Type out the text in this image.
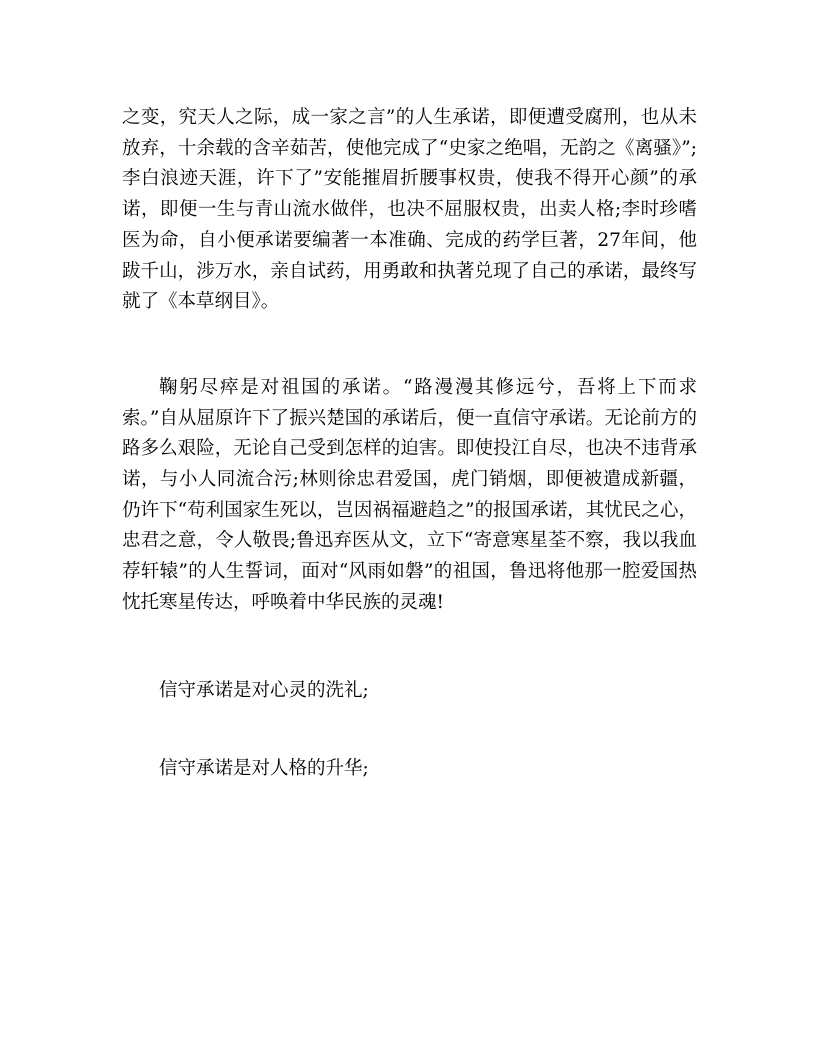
之变，究天人之际，成一家之言”的人生承诺，即便遭受腐刑，也从未放弃，十余载的含辛茹苦，使他完成了“史家之绝唱，无韵之《离骚》”;李白浪迹天涯，许下了”安能摧眉折腰事权贵，使我不得开心颜”的承诺，即便一生与青山流水做伴，也决不屈服权贵，出卖人格;李时珍嗜医为命，自小便承诺要编著一本准确、完成的药学巨著，27年间，他跋千山，涉万水，亲自试药，用勇敢和执著兑现了自己的承诺，最终写就了《本草纲目》。

鞠躬尽瘁是对祖国的承诺。“路漫漫其修远兮，吾将上下而求索。”自从屈原许下了振兴楚国的承诺后，便一直信守承诺。无论前方的路多么艰险，无论自己受到怎样的迫害。即使投江自尽，也决不违背承诺，与小人同流合污;林则徐忠君爱国，虎门销烟，即便被遣成新疆，仍许下“苟利国家生死以，岂因祸福避趋之”的报国承诺，其忧民之心，忠君之意，令人敬畏;鲁迅弃医从文，立下“寄意寒星荃不察，我以我血荐轩辕”的人生誓词，面对“风雨如磐”的祖国，鲁迅将他那一腔爱国热忱托寒星传达，呼唤着中华民族的灵魂!

信守承诺是对心灵的洗礼;

信守承诺是对人格的升华;
